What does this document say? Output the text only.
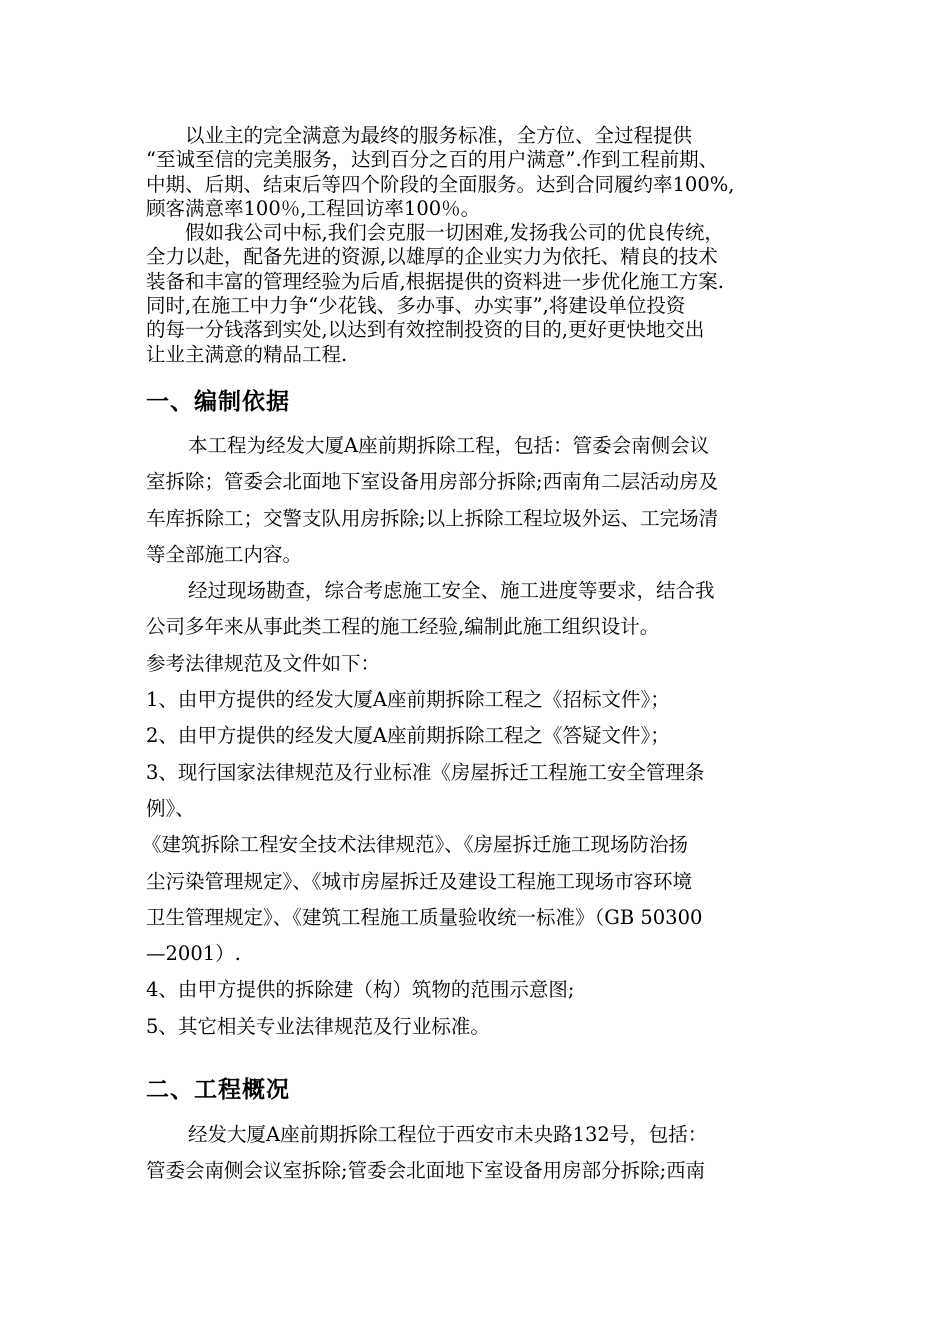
以业主的完全满意为最终的服务标准，全方位、全过程提供

“至诚至信的完美服务，达到百分之百的用户满意”.作到工程前期、

中期、后期、结束后等四个阶段的全面服务。达到合同履约率100%,

顾客满意率100％,工程回访率100％。

假如我公司中标,我们会克服一切困难,发扬我公司的优良传统，

全力以赴，配备先进的资源,以雄厚的企业实力为依托、精良的技术

装备和丰富的管理经验为后盾,根据提供的资料进一步优化施工方案.

同时,在施工中力争“少花钱、多办事、办实事”,将建设单位投资

的每一分钱落到实处,以达到有效控制投资的目的,更好更快地交出

让业主满意的精品工程.

一、编制依据

本工程为经发大厦A座前期拆除工程，包括：管委会南侧会议

室拆除；管委会北面地下室设备用房部分拆除;西南角二层活动房及

车库拆除工；交警支队用房拆除;以上拆除工程垃圾外运、工完场清

等全部施工内容。

经过现场勘查，综合考虑施工安全、施工进度等要求，结合我

公司多年来从事此类工程的施工经验,编制此施工组织设计。

参考法律规范及文件如下：

1、由甲方提供的经发大厦A座前期拆除工程之《招标文件》；

2、由甲方提供的经发大厦A座前期拆除工程之《答疑文件》；

3、现行国家法律规范及行业标准《房屋拆迁工程施工安全管理条

例》、

《建筑拆除工程安全技术法律规范》、《房屋拆迁施工现场防治扬

尘污染管理规定》、《城市房屋拆迁及建设工程施工现场市容环境

卫生管理规定》、《建筑工程施工质量验收统一标准》（GB 50300

—2001）.

4、由甲方提供的拆除建（构）筑物的范围示意图;

5、其它相关专业法律规范及行业标准。

二、工程概况

经发大厦A座前期拆除工程位于西安市未央路132号，包括：

管委会南侧会议室拆除;管委会北面地下室设备用房部分拆除;西南
